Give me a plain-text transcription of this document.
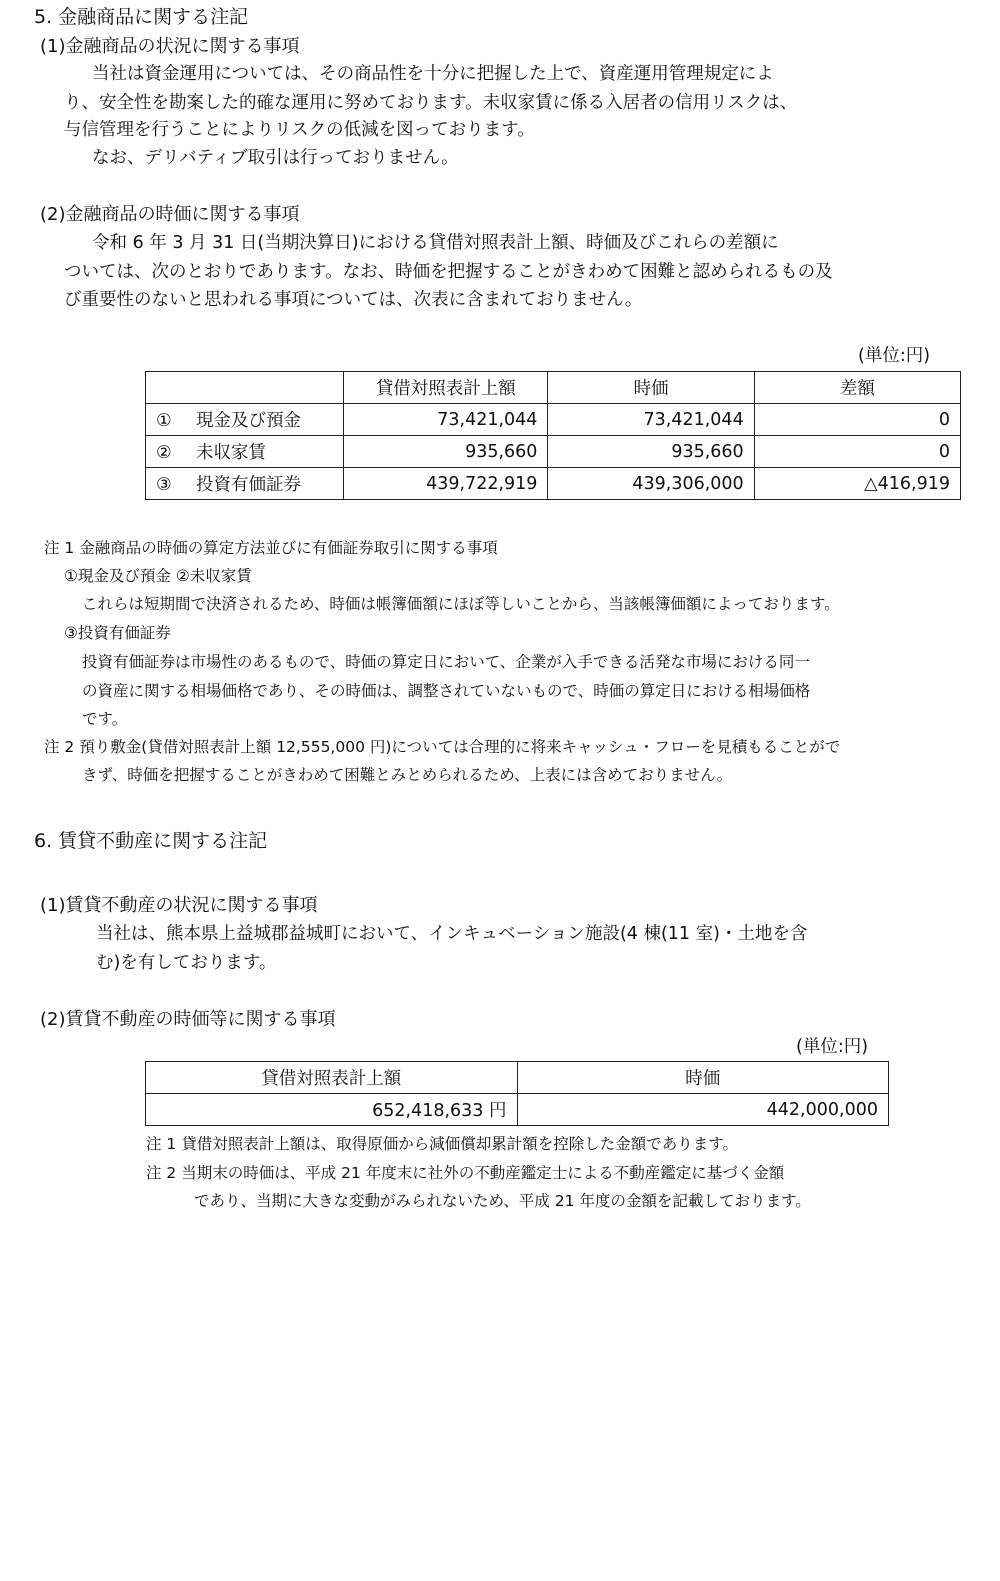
5. 金融商品に関する注記
(1)金融商品の状況に関する事項
当社は資金運用については、その商品性を十分に把握した上で、資産運用管理規定によ
り、安全性を勘案した的確な運用に努めております。未収家賃に係る入居者の信用リスクは、
与信管理を行うことによりリスクの低減を図っております。
なお、デリバティブ取引は行っておりません。
(2)金融商品の時価に関する事項
令和 6 年 3 月 31 日(当期決算日)における貸借対照表計上額、時価及びこれらの差額に
ついては、次のとおりであります。なお、時価を把握することがきわめて困難と認められるもの及
び重要性のないと思われる事項については、次表に含まれておりません。
(単位:円)
	貸借対照表計上額	時価	差額
① 現金及び預金	73,421,044	73,421,044	0
② 未収家賃	935,660	935,660	0
③ 投資有価証券	439,722,919	439,306,000	△416,919
注 1 金融商品の時価の算定方法並びに有価証券取引に関する事項
①現金及び預金 ②未収家賃
これらは短期間で決済されるため、時価は帳簿価額にほぼ等しいことから、当該帳簿価額によっております。
③投資有価証券
投資有価証券は市場性のあるもので、時価の算定日において、企業が入手できる活発な市場における同一
の資産に関する相場価格であり、その時価は、調整されていないもので、時価の算定日における相場価格
です。
注 2 預り敷金(貸借対照表計上額 12,555,000 円)については合理的に将来キャッシュ・フローを見積もることがで
きず、時価を把握することがきわめて困難とみとめられるため、上表には含めておりません。
6. 賃貸不動産に関する注記
(1)賃貸不動産の状況に関する事項
当社は、熊本県上益城郡益城町において、インキュベーション施設(4 棟(11 室)・土地を含
む)を有しております。
(2)賃貸不動産の時価等に関する事項
(単位:円)
貸借対照表計上額	時価
652,418,633 円	442,000,000
注 1 貸借対照表計上額は、取得原価から減価償却累計額を控除した金額であります。
注 2 当期末の時価は、平成 21 年度末に社外の不動産鑑定士による不動産鑑定に基づく金額
であり、当期に大きな変動がみられないため、平成 21 年度の金額を記載しております。
